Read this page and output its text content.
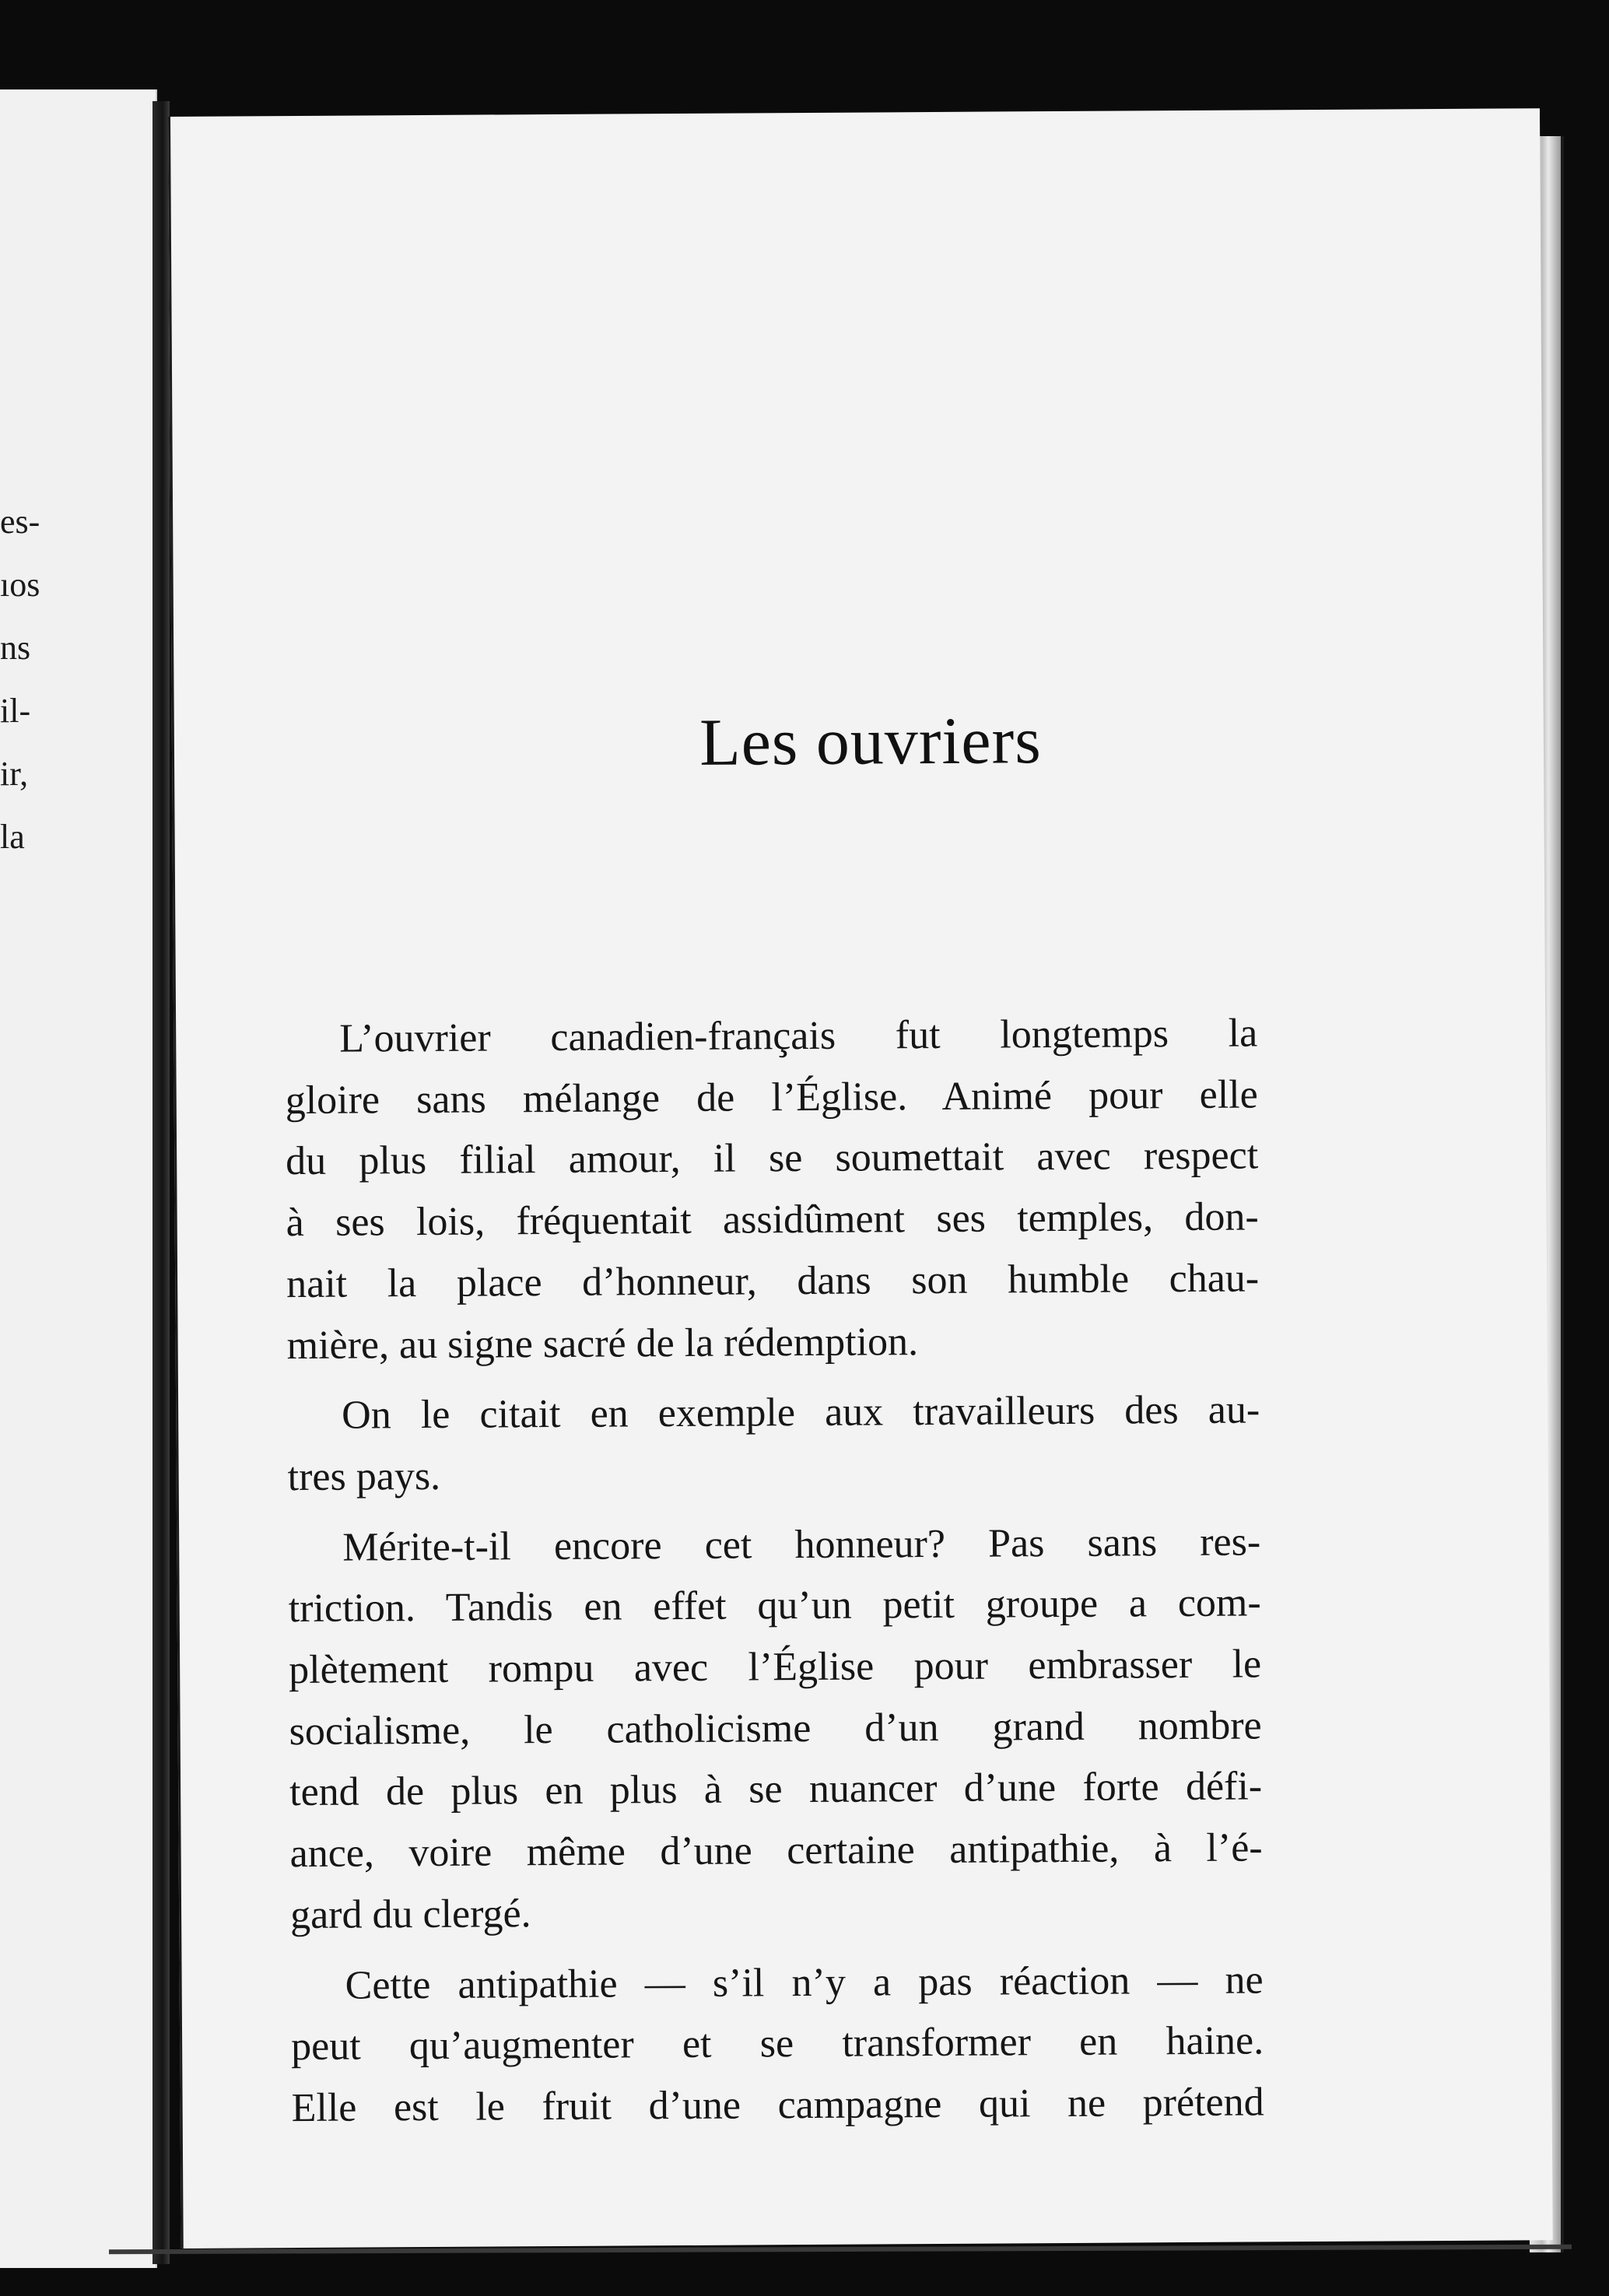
es-
ıos
ns
il-
ir,
la
Les ouvriers
L’ouvrier canadien-français fut longtemps la
gloire sans mélange de l’Église. Animé pour elle
du plus filial amour, il se soumettait avec respect
à ses lois, fréquentait assidûment ses temples, don-
nait la place d’honneur, dans son humble chau-
mière, au signe sacré de la rédemption.
On le citait en exemple aux travailleurs des au-
tres pays.
Mérite-t-il encore cet honneur? Pas sans res-
triction. Tandis en effet qu’un petit groupe a com-
plètement rompu avec l’Église pour embrasser le
socialisme, le catholicisme d’un grand nombre
tend de plus en plus à se nuancer d’une forte défi-
ance, voire même d’une certaine antipathie, à l’é-
gard du clergé.
Cette antipathie — s’il n’y a pas réaction — ne
peut qu’augmenter et se transformer en haine.
Elle est le fruit d’une campagne qui ne prétend
